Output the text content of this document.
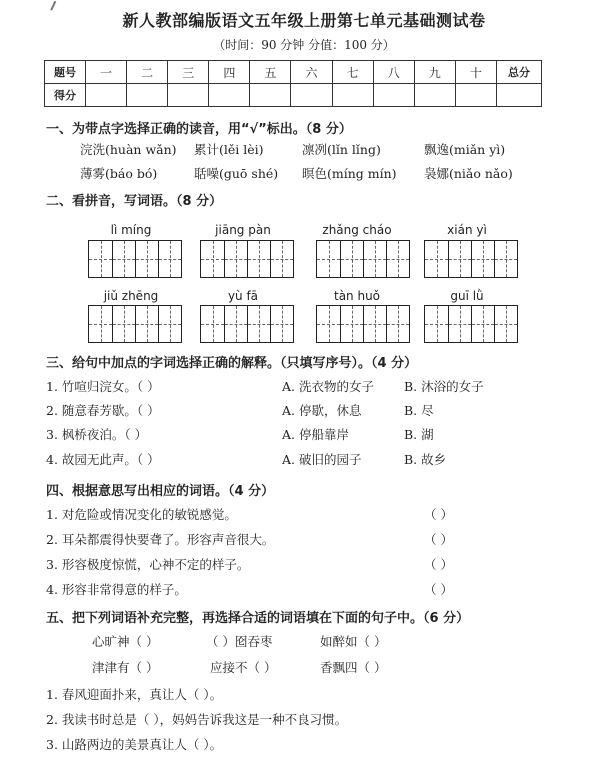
新人教部编版语文五年级上册第七单元基础测试卷
（时间：90 分钟 分值：100 分）
题号	一	二	三	四	五	六	七	八	九	十	总分
得分											
一、为带点字选择正确的读音，用“√”标出。（8 分）
浣洗(huàn wǎn) 累计(lěi lèi)	凛冽(lǐn lǐng)	飘逸(miǎn yì)
薄雾(báo bó)	聒噪(guō shé) 暝色(míng mín) 袅娜(niǎo nǎo)
二、看拼音，写词语。（8 分）
lì míng	jiāng pàn	zhǎng cháo	xián yì
jiǔ zhēng	yù fā	tàn huǒ	guī lǜ
三、给句中加点的字词选择正确的解释。（只填写序号）。（4 分）
1. 竹喧归浣女。（ ）	A. 洗衣物的女子 B. 沐浴的女子
2. 随意春芳歇。（ ）	A. 停歇，休息	B. 尽
3. 枫桥夜泊。（ ）	A. 停船靠岸	B. 湖
4. 故园无此声。（ ）	A. 破旧的园子	B. 故乡
四、根据意思写出相应的词语。（4 分）
1. 对危险或情况变化的敏锐感觉。	（ ）
2. 耳朵都震得快要聋了。形容声音很大。	（ ）
3. 形容极度惊慌，心神不定的样子。	（ ）
4. 形容非常得意的样子。	（ ）
五、把下列词语补充完整，再选择合适的词语填在下面的句子中。（6 分）
心旷神（ ）	（ ）囵吞枣	如醉如（ ）
津津有（ ）	应接不（ ）	香飘四（ ）
1. 春风迎面扑来，真让人（ ）。
2. 我读书时总是（ ），妈妈告诉我这是一种不良习惯。
3. 山路两边的美景真让人（ ）。
